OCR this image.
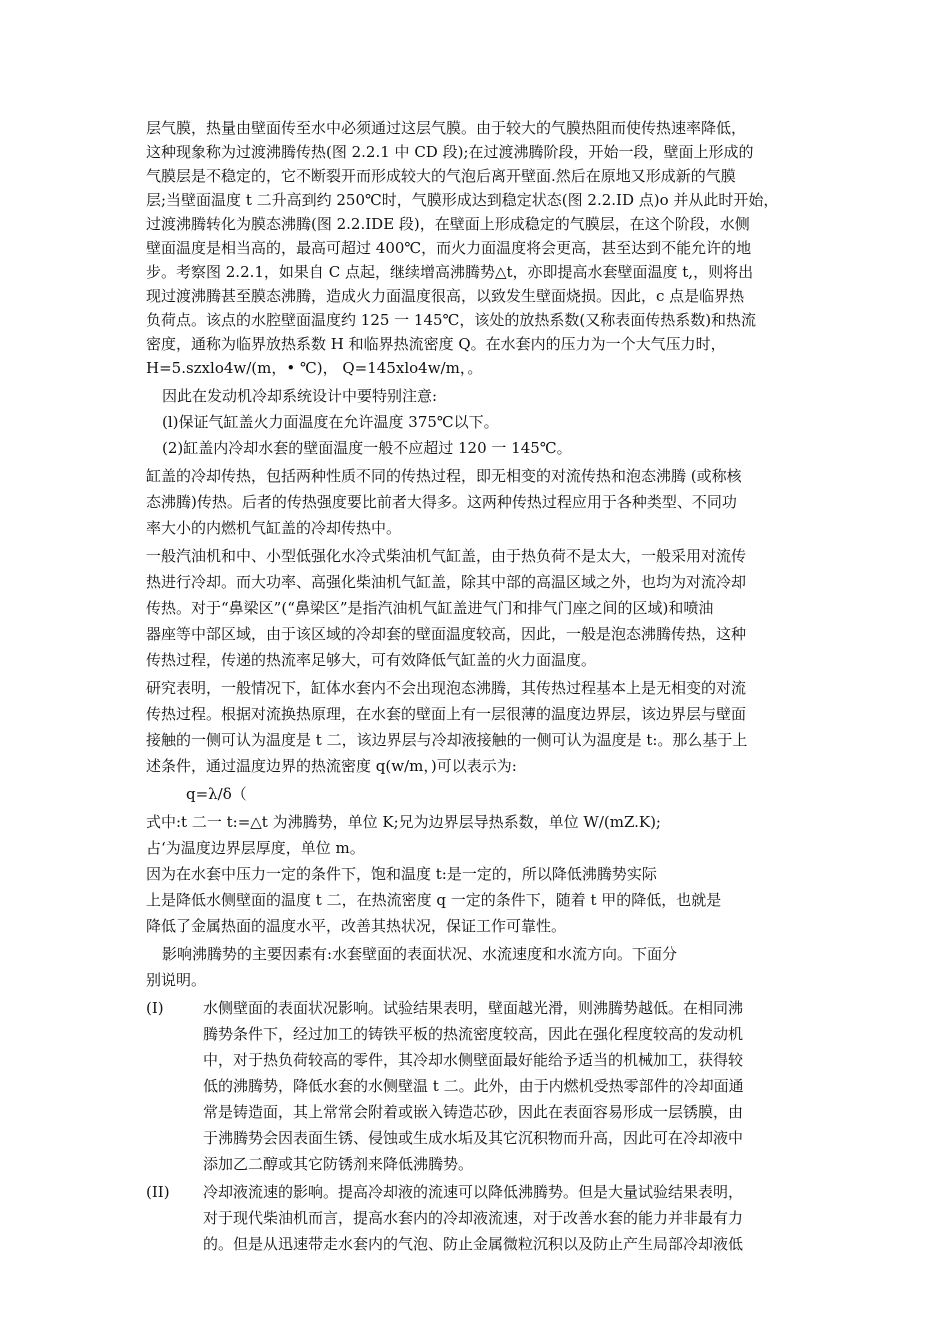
层气膜，热量由壁面传至水中必须通过这层气膜。由于较大的气膜热阻而使传热速率降低，
这种现象称为过渡沸腾传热(图 2.2.1 中 CD 段);在过渡沸腾阶段，开始一段，壁面上形成的
气膜层是不稳定的，它不断裂开而形成较大的气泡后离开壁面.然后在原地又形成新的气膜
层;当壁面温度 t 二升高到约 250℃时，气膜形成达到稳定状态(图 2.2.ID 点)o 并从此时开始，
过渡沸腾转化为膜态沸腾(图 2.2.IDE 段)，在壁面上形成稳定的气膜层，在这个阶段，水侧
壁面温度是相当高的，最高可超过 400℃，而火力面温度将会更高，甚至达到不能允许的地
步。考察图 2.2.1，如果自 C 点起，继续增高沸腾势△t，亦即提高水套壁面温度 t,，则将出
现过渡沸腾甚至膜态沸腾，造成火力面温度很高，以致发生壁面烧损。因此，c 点是临界热
负荷点。该点的水腔壁面温度约 125 一 145℃，该处的放热系数(又称表面传热系数)和热流
密度，通称为临界放热系数 H 和临界热流密度 Q。在水套内的压力为一个大气压力时，
H=5.szxlo4w/(m，• ℃)， Q=145xlo4w/m，。
因此在发动机冷却系统设计中要特别注意:
(l)保证气缸盖火力面温度在允许温度 375℃以下。
(2)缸盖内冷却水套的壁面温度一般不应超过 120 一 145℃。
缸盖的冷却传热，包括两种性质不同的传热过程，即无相变的对流传热和泡态沸腾 (或称核
态沸腾)传热。后者的传热强度要比前者大得多。这两种传热过程应用于各种类型、不同功
率大小的内燃机气缸盖的冷却传热中。
一般汽油机和中、小型低强化水冷式柴油机气缸盖，由于热负荷不是太大，一般采用对流传
热进行冷却。而大功率、高强化柴油机气缸盖，除其中部的高温区域之外，也均为对流冷却
传热。对于“鼻梁区”(“鼻梁区”是指汽油机气缸盖进气门和排气门座之间的区域)和喷油
器座等中部区域，由于该区域的冷却套的壁面温度较高，因此，一般是泡态沸腾传热，这种
传热过程，传递的热流率足够大，可有效降低气缸盖的火力面温度。
研究表明，一般情况下，缸体水套内不会出现泡态沸腾，其传热过程基本上是无相变的对流
传热过程。根据对流换热原理，在水套的壁面上有一层很薄的温度边界层，该边界层与壁面
接触的一侧可认为温度是 t 二，该边界层与冷却液接触的一侧可认为温度是 t:。那么基于上
述条件，通过温度边界的热流密度 q(w/m，)可以表示为:
q=λ/δ（
式中:t 二一 t:=△t 为沸腾势，单位 K;兄为边界层导热系数，单位 W/(mZ.K);
占‘为温度边界层厚度，单位 m。
因为在水套中压力一定的条件下，饱和温度 t:是一定的，所以降低沸腾势实际
上是降低水侧壁面的温度 t 二，在热流密度 q 一定的条件下，随着 t 甲的降低，也就是
降低了金属热面的温度水平，改善其热状况，保证工作可靠性。
影响沸腾势的主要因素有:水套壁面的表面状况、水流速度和水流方向。下面分
别说明。
(I)	水侧壁面的表面状况影响。试验结果表明，壁面越光滑，则沸腾势越低。在相同沸
腾势条件下，经过加工的铸铁平板的热流密度较高，因此在强化程度较高的发动机
中，对于热负荷较高的零件，其冷却水侧壁面最好能给予适当的机械加工，获得较
低的沸腾势，降低水套的水侧壁温 t 二。此外，由于内燃机受热零部件的冷却面通
常是铸造面，其上常常会附着或嵌入铸造芯砂，因此在表面容易形成一层锈膜，由
于沸腾势会因表面生锈、侵蚀或生成水垢及其它沉积物而升高，因此可在冷却液中
添加乙二醇或其它防锈剂来降低沸腾势。
(II) 冷却液流速的影响。提高冷却液的流速可以降低沸腾势。但是大量试验结果表明，
对于现代柴油机而言，提高水套内的冷却液流速，对于改善水套的能力并非最有力
的。但是从迅速带走水套内的气泡、防止金属微粒沉积以及防止产生局部冷却液低
